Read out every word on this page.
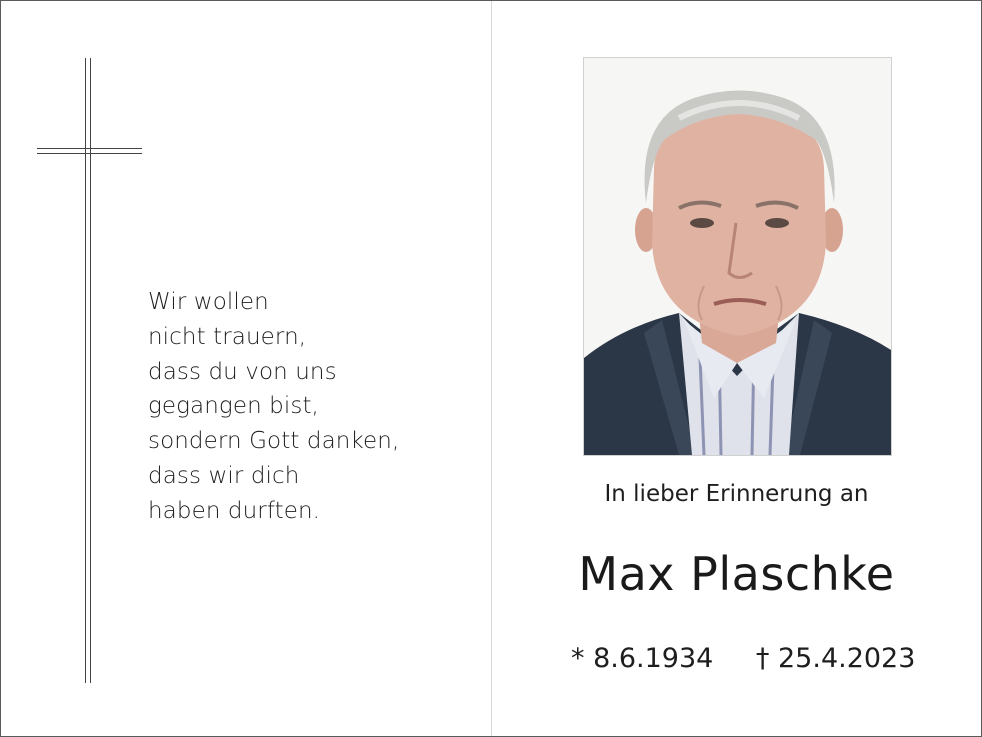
Wir wollen
nicht trauern,
dass du von uns
gegangen bist,
sondern Gott danken,
dass wir dich
haben durften.
In lieber Erinnerung an
Max Plaschke
* 8.6.1934 † 25.4.2023
